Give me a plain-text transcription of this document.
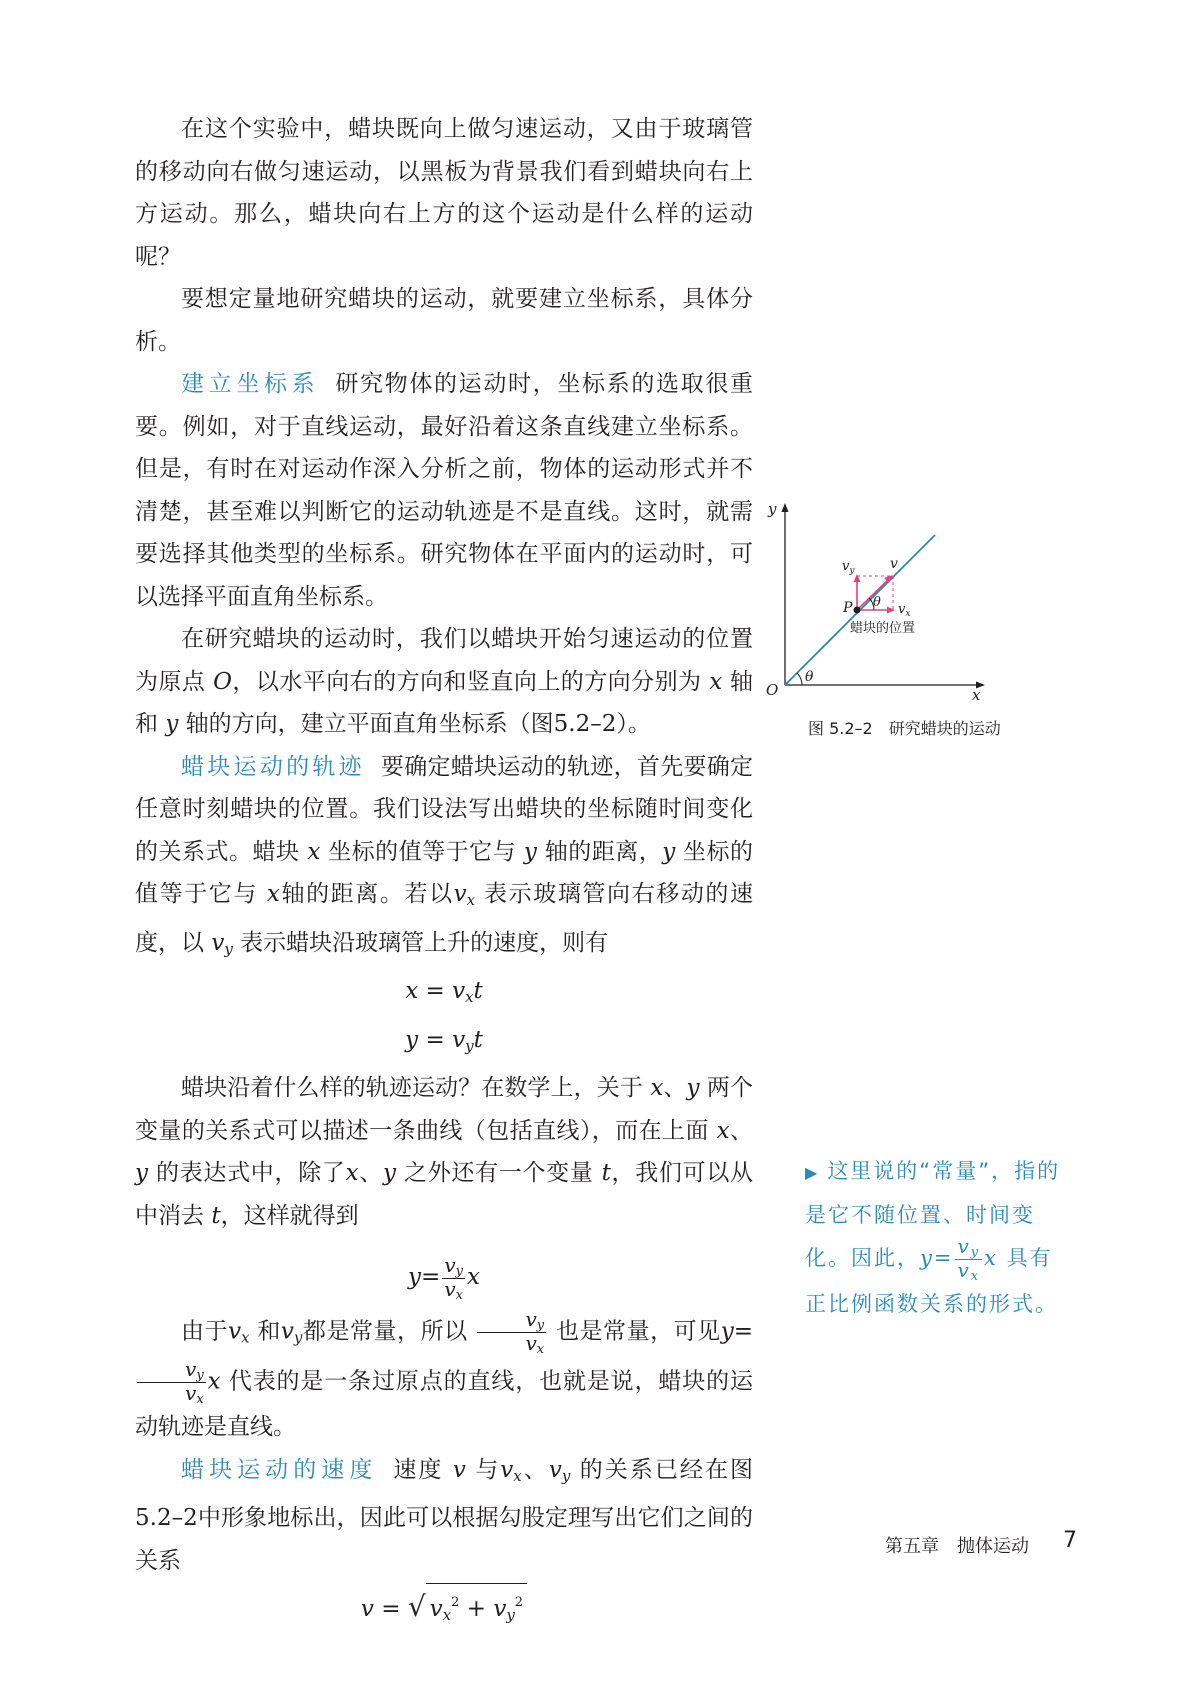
在这个实验中，蜡块既向上做匀速运动，又由于玻璃管的移动向右做匀速运动，以黑板为背景我们看到蜡块向右上方运动。那么，蜡块向右上方的这个运动是什么样的运动呢？

要想定量地研究蜡块的运动，就要建立坐标系，具体分析。

建立坐标系 研究物体的运动时，坐标系的选取很重要。例如，对于直线运动，最好沿着这条直线建立坐标系。但是，有时在对运动作深入分析之前，物体的运动形式并不清楚，甚至难以判断它的运动轨迹是不是直线。这时，就需要选择其他类型的坐标系。研究物体在平面内的运动时，可以选择平面直角坐标系。

在研究蜡块的运动时，我们以蜡块开始匀速运动的位置为原点 O，以水平向右的方向和竖直向上的方向分别为 x 轴和 y 轴的方向，建立平面直角坐标系（图5.2–2）。

蜡块运动的轨迹 要确定蜡块运动的轨迹，首先要确定任意时刻蜡块的位置。我们设法写出蜡块的坐标随时间变化的关系式。蜡块 x 坐标的值等于它与 y 轴的距离，y 坐标的值等于它与 x轴的距离。若以$v_x$ 表示玻璃管向右移动的速度，以 $v_y$ 表示蜡块沿玻璃管上升的速度，则有

$x = v_xt$

$y = v_yt$

蜡块沿着什么样的轨迹运动？在数学上，关于 x、y 两个变量的关系式可以描述一条曲线（包括直线），而在上面 x、y 的表达式中，除了x、y 之外还有一个变量 t，我们可以从中消去 t，这样就得到

$y= \frac{v_y}{v_x}$ x

由于$v_x$ 和$v_y$都是常量，所以 $\frac{v_y}{v_x}$ 也是常量，可见y=
$\frac{v_y}{v_x}$ x 代表的是一条过原点的直线，也就是说，蜡块的运动轨迹是直线。

蜡块运动的速度 速度 v 与$v_x$、$v_y$ 的关系已经在图5.2–2中形象地标出，因此可以根据勾股定理写出它们之间的关系

v = √ $v_x^2 + v_y^2$

y
x
O
θ
P θ
$v_y$	v
$v_x$
蜡块的位置
图 5.2–2　研究蜡块的运动

▶ 这里说的“常量”，指的是它不随位置、时间变化。因此，$y= \frac{v_y}{v_x}$ x 具有正比例函数关系的形式。

第五章　抛体运动 7
